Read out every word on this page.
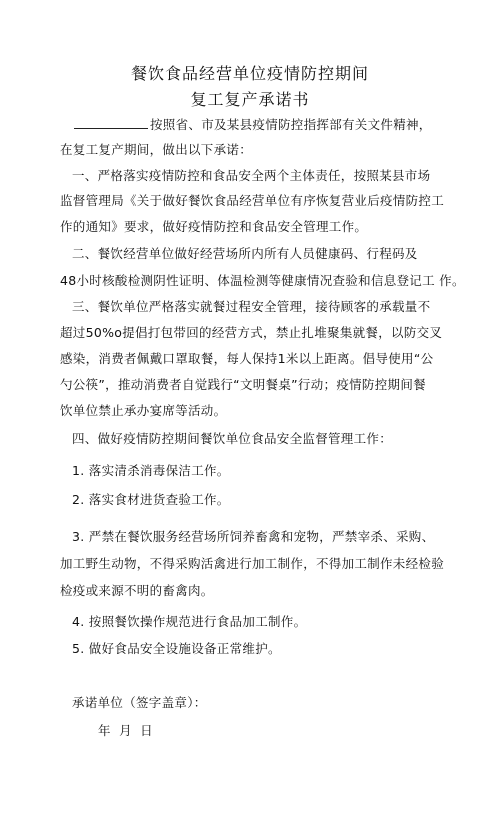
餐饮食品经营单位疫情防控期间
复工复产承诺书
按照省、市及某县疫情防控指挥部有关文件精神，
在复工复产期间，做出以下承诺：
一、严格落实疫情防控和食品安全两个主体责任，按照某县市场
监督管理局《关于做好餐饮食品经营单位有序恢复营业后疫情防控工
作的通知》要求，做好疫情防控和食品安全管理工作。
二、餐饮经营单位做好经营场所内所有人员健康码、行程码及
48小时核酸检测阴性证明、体温检测等健康情况查验和信息登记工 作。
三、餐饮单位严格落实就餐过程安全管理，接待顾客的承载量不
超过50%o提倡打包带回的经营方式，禁止扎堆聚集就餐，以防交叉
感染，消费者佩戴口罩取餐，每人保持1米以上距离。倡导使用“公
勺公筷”，推动消费者自觉践行“文明餐桌”行动；疫情防控期间餐
饮单位禁止承办宴席等活动。
四、做好疫情防控期间餐饮单位食品安全监督管理工作：
1. 落实清杀消毒保洁工作。
2. 落实食材进货查验工作。
3. 严禁在餐饮服务经营场所饲养畜禽和宠物，严禁宰杀、采购、
加工野生动物，不得采购活禽进行加工制作，不得加工制作未经检验
检疫或来源不明的畜禽肉。
4. 按照餐饮操作规范进行食品加工制作。
5. 做好食品安全设施设备正常维护。
承诺单位（签字盖章）：
年 月 日
